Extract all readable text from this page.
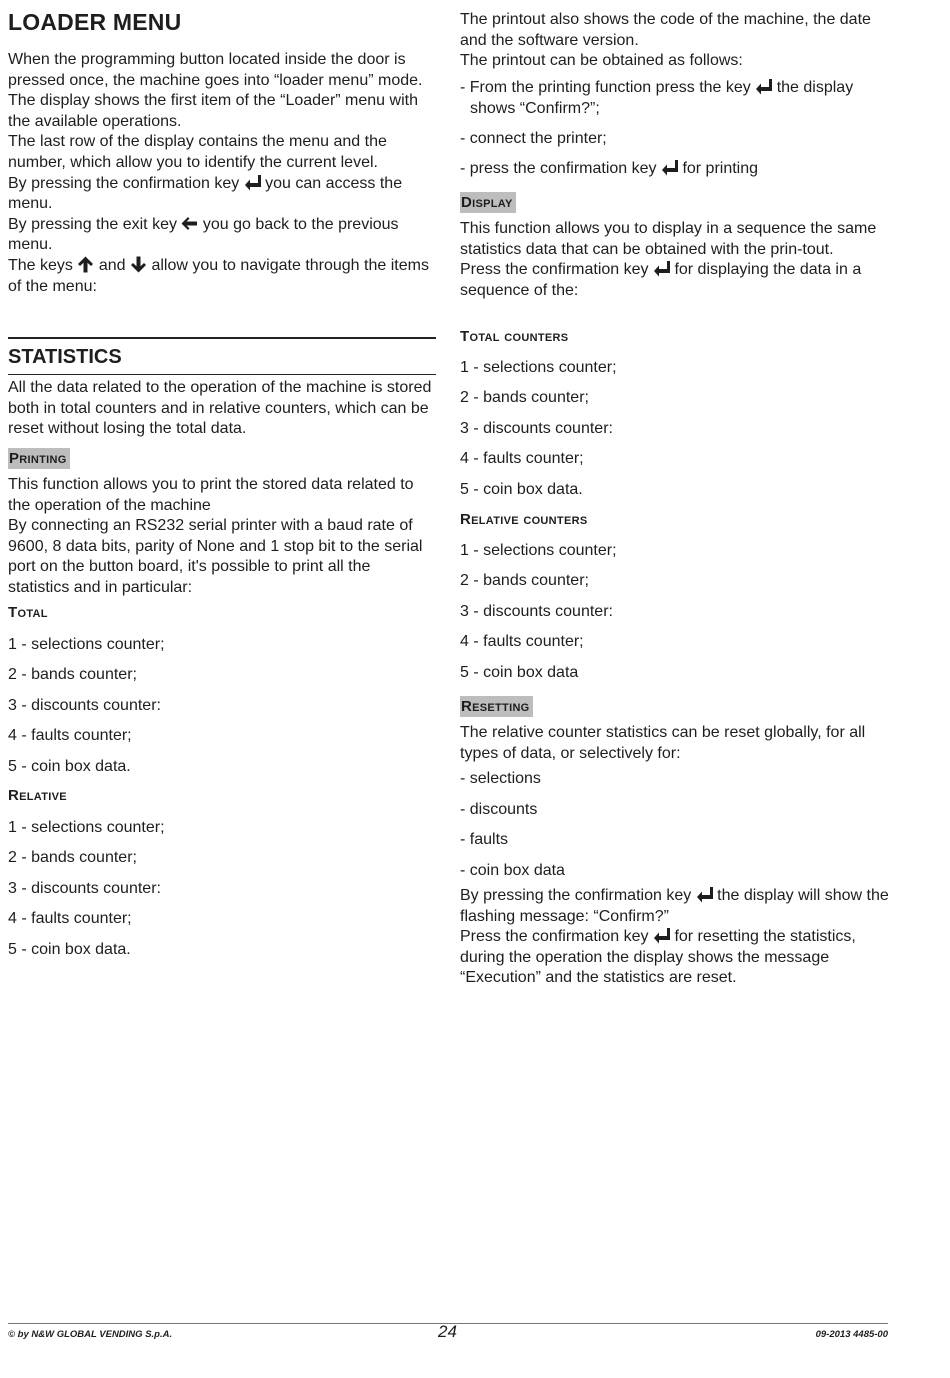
LOADER MENU

When the programming button located inside the door is pressed once, the machine goes into “loader menu” mode.

The display shows the first item of the “Loader” menu with the available operations.

The last row of the display contains the menu and the number, which allow you to identify the current level.

By pressing the confirmation key you can access the menu.

By pressing the exit key you go back to the previous menu.

The keys and allow you to navigate through the items of the menu:

STATISTICS

All the data related to the operation of the machine is stored both in total counters and in relative counters, which can be reset without losing the total data.

Printing

This function allows you to print the stored data related to the operation of the machine

By connecting an RS232 serial printer with a baud rate of 9600, 8 data bits, parity of None and 1 stop bit to the serial port on the button board, it's possible to print all the statistics and in particular:

Total
1 - selections counter;
2 - bands counter;
3 - discounts counter:
4 - faults counter;
5 - coin box data.
Relative
1 - selections counter;
2 - bands counter;
3 - discounts counter:
4 - faults counter;
5 - coin box data.

The printout also shows the code of the machine, the date and the software version.

The printout can be obtained as follows:

- From the printing function press the key the display
shows “Confirm?”;
- connect the printer;
- press the confirmation key for printing
Display

This function allows you to display in a sequence the same statistics data that can be obtained with the prin-tout.

Press the confirmation key for displaying the data in a sequence of the:

Total counters
1 - selections counter;
2 - bands counter;
3 - discounts counter:
4 - faults counter;
5 - coin box data.
Relative counters
1 - selections counter;
2 - bands counter;
3 - discounts counter:
4 - faults counter;
5 - coin box data
Resetting

The relative counter statistics can be reset globally, for all types of data, or selectively for:

- selections
- discounts
- faults
- coin box data

By pressing the confirmation key the display will show the flashing message: “Confirm?”

Press the confirmation key for resetting the statistics, during the operation the display shows the message “Execution” and the statistics are reset.

© by N&W GLOBAL VENDING S.p.A.	24	09-2013 4485-00
